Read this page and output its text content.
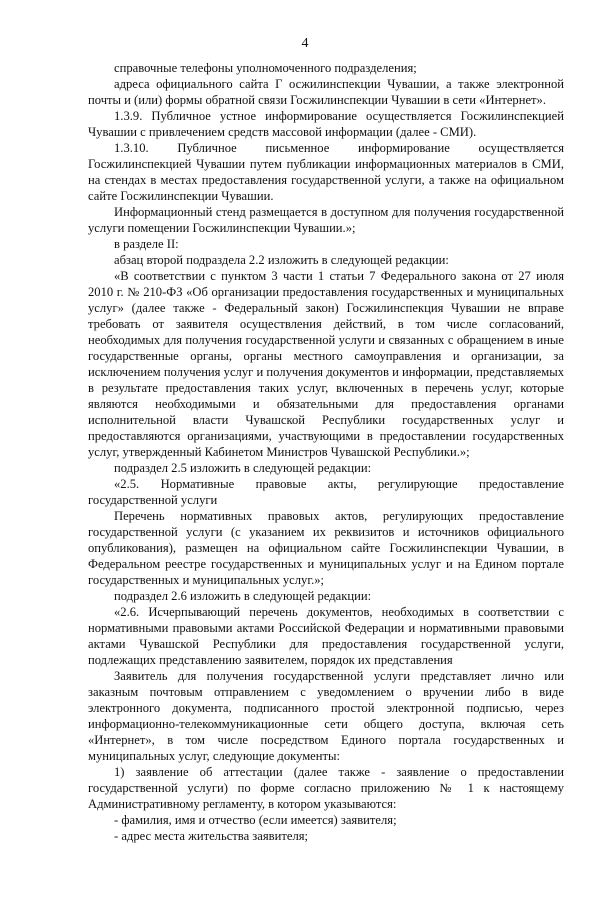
4

справочные телефоны уполномоченного подразделения;

адреса официального сайта Г осжилинспекции Чувашии, а также электронной почты и (или) формы обратной связи Госжилинспекции Чувашии в сети «Интернет».

1.3.9. Публичное устное информирование осуществляется Госжилинспекцией Чувашии с привлечением средств массовой информации (далее - СМИ).

1.3.10. Публичное письменное информирование осуществляется Госжилинспекцией Чувашии путем публикации информационных материалов в СМИ, на стендах в местах предоставления государственной услуги, а также на официальном сайте Госжилинспекции Чувашии.

Информационный стенд размещается в доступном для получения государственной услуги помещении Госжилинспекции Чувашии.»;

в разделе II:

абзац второй подраздела 2.2 изложить в следующей редакции:

«В соответствии с пунктом 3 части 1 статьи 7 Федерального закона от 27 июля 2010 г. № 210-ФЗ «Об организации предоставления государственных и муниципальных услуг» (далее также - Федеральный закон) Госжилинспекция Чувашии не вправе требовать от заявителя осуществления действий, в том числе согласований, необходимых для получения государственной услуги и связанных с обращением в иные государственные органы, органы местного самоуправления и организации, за исключением получения услуг и получения документов и информации, представляемых в результате предоставления таких услуг, включенных в перечень услуг, которые являются необходимыми и обязательными для предоставления органами исполнительной власти Чувашской Республики государственных услуг и предоставляются организациями, участвующими в предоставлении государственных услуг, утвержденный Кабинетом Министров Чувашской Республики.»;

подраздел 2.5 изложить в следующей редакции:

«2.5. Нормативные правовые акты, регулирующие предоставление государственной услуги

Перечень нормативных правовых актов, регулирующих предоставление государственной услуги (с указанием их реквизитов и источников официального опубликования), размещен на официальном сайте Госжилинспекции Чувашии, в Федеральном реестре государственных и муниципальных услуг и на Едином портале государственных и муниципальных услуг.»;

подраздел 2.6 изложить в следующей редакции:

«2.6. Исчерпывающий перечень документов, необходимых в соответствии с нормативными правовыми актами Российской Федерации и нормативными правовыми актами Чувашской Республики для предоставления государственной услуги, подлежащих представлению заявителем, порядок их представления

Заявитель для получения государственной услуги представляет лично или заказным почтовым отправлением с уведомлением о вручении либо в виде электронного документа, подписанного простой электронной подписью, через информационно-телекоммуникационные сети общего доступа, включая сеть «Интернет», в том числе посредством Единого портала государственных и муниципальных услуг, следующие документы:

1) заявление об аттестации (далее также - заявление о предоставлении государственной услуги) по форме согласно приложению № 1 к настоящему Административному регламенту, в котором указываются:

- фамилия, имя и отчество (если имеется) заявителя;

- адрес места жительства заявителя;
